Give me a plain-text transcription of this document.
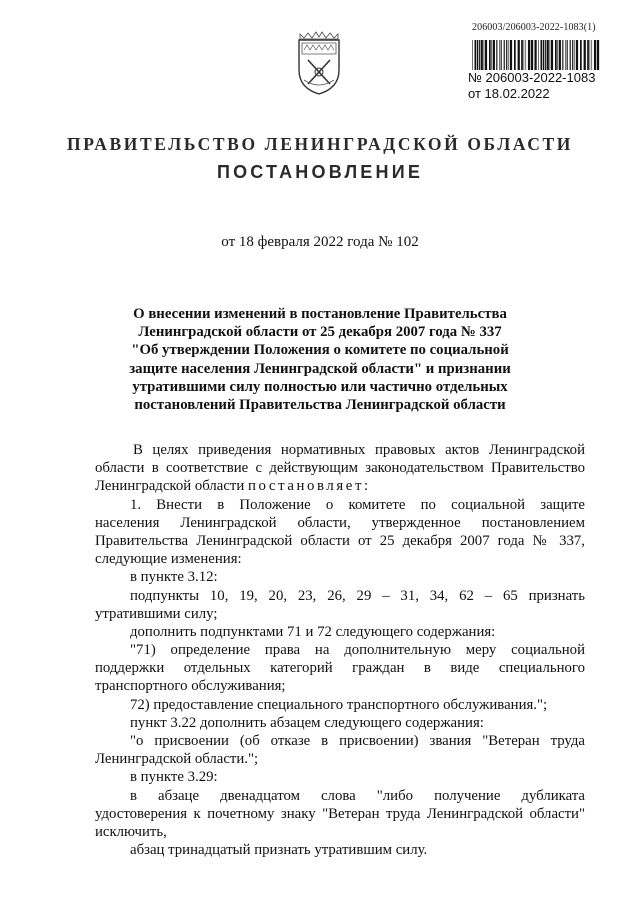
206003/206003-2022-1083(1)
№ 206003-2022-1083
от 18.02.2022
ПРАВИТЕЛЬСТВО ЛЕНИНГРАДСКОЙ ОБЛАСТИ
ПОСТАНОВЛЕНИЕ
от 18 февраля 2022 года № 102
О внесении изменений в постановление Правительства
Ленинградской области от 25 декабря 2007 года № 337
"Об утверждении Положения о комитете по социальной
защите населения Ленинградской области" и признании
утратившими силу полностью или частично отдельных
постановлений Правительства Ленинградской области
В целях приведения нормативных правовых актов Ленинградской
области в соответствие с действующим законодательством Правительство
Ленинградской области постановляет:
1. Внести в Положение о комитете по социальной защите
населения Ленинградской области, утвержденное постановлением
Правительства Ленинградской области от 25 декабря 2007 года № 337,
следующие изменения:
в пункте 3.12:
подпункты 10, 19, 20, 23, 26, 29 – 31, 34, 62 – 65 признать
утратившими силу;
дополнить подпунктами 71 и 72 следующего содержания:
"71) определение права на дополнительную меру социальной
поддержки отдельных категорий граждан в виде специального
транспортного обслуживания;
72) предоставление специального транспортного обслуживания.";
пункт 3.22 дополнить абзацем следующего содержания:
"о присвоении (об отказе в присвоении) звания "Ветеран труда
Ленинградской области.";
в пункте 3.29:
в абзаце двенадцатом слова "либо получение дубликата
удостоверения к почетному знаку "Ветеран труда Ленинградской области"
исключить,
абзац тринадцатый признать утратившим силу.
